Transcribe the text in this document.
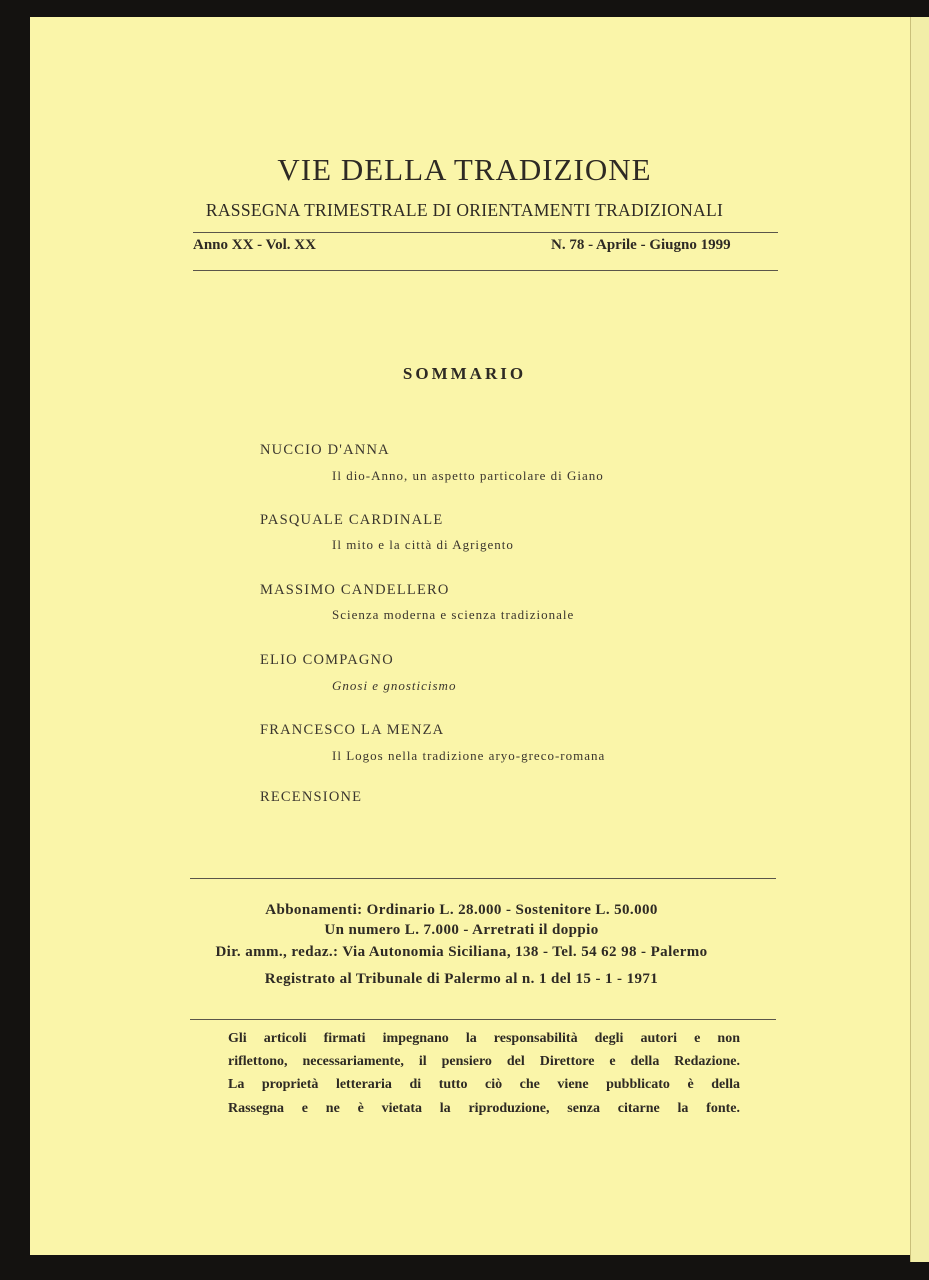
VIE DELLA TRADIZIONE
RASSEGNA TRIMESTRALE DI ORIENTAMENTI TRADIZIONALI
Anno XX - Vol. XX	N. 78 - Aprile - Giugno 1999
SOMMARIO
NUCCIO D'ANNA
Il dio-Anno, un aspetto particolare di Giano
PASQUALE CARDINALE
Il mito e la città di Agrigento
MASSIMO CANDELLERO
Scienza moderna e scienza tradizionale
ELIO COMPAGNO
Gnosi e gnosticismo
FRANCESCO LA MENZA
Il Logos nella tradizione aryo-greco-romana
RECENSIONE
Abbonamenti: Ordinario L. 28.000 - Sostenitore L. 50.000
Un numero L. 7.000 - Arretrati il doppio
Dir. amm., redaz.: Via Autonomia Siciliana, 138 - Tel. 54 62 98 - Palermo
Registrato al Tribunale di Palermo al n. 1 del 15 - 1 - 1971
Gli articoli firmati impegnano la responsabilità degli autori e non
riflettono, necessariamente, il pensiero del Direttore e della Redazione.
La proprietà letteraria di tutto ciò che viene pubblicato è della
Rassegna e ne è vietata la riproduzione, senza citarne la fonte.
